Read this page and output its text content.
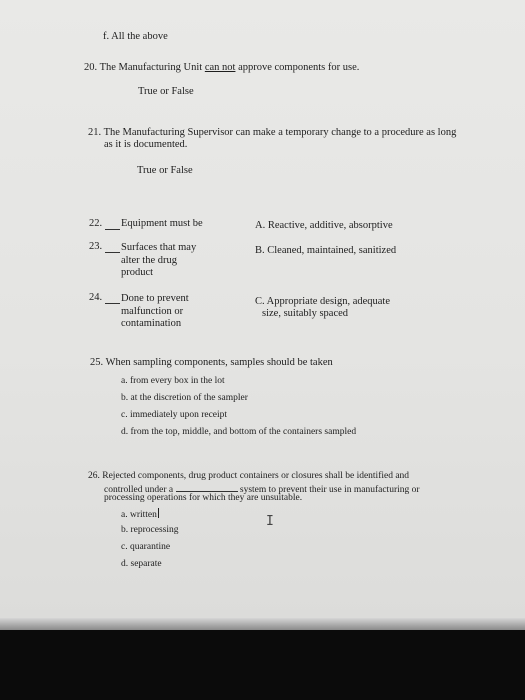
f. All the above
20. The Manufacturing Unit can not approve components for use.
True or False
21. The Manufacturing Supervisor can make a temporary change to a procedure as long
as it is documented.
True or False
22. Equipment must be	A. Reactive, additive, absorptive
23. Surfaces that may
alter the drug
product
B. Cleaned, maintained, sanitized
24. Done to prevent
malfunction or
contamination
C. Appropriate design, adequate
size, suitably spaced
25. When sampling components, samples should be taken
a. from every box in the lot
b. at the discretion of the sampler
c. immediately upon receipt
d. from the top, middle, and bottom of the containers sampled
26. Rejected components, drug product containers or closures shall be identified and
controlled under a	system to prevent their use in manufacturing or
processing operations for which they are unsuitable.
a. written
b. reprocessing
c. quarantine
d. separate
I
